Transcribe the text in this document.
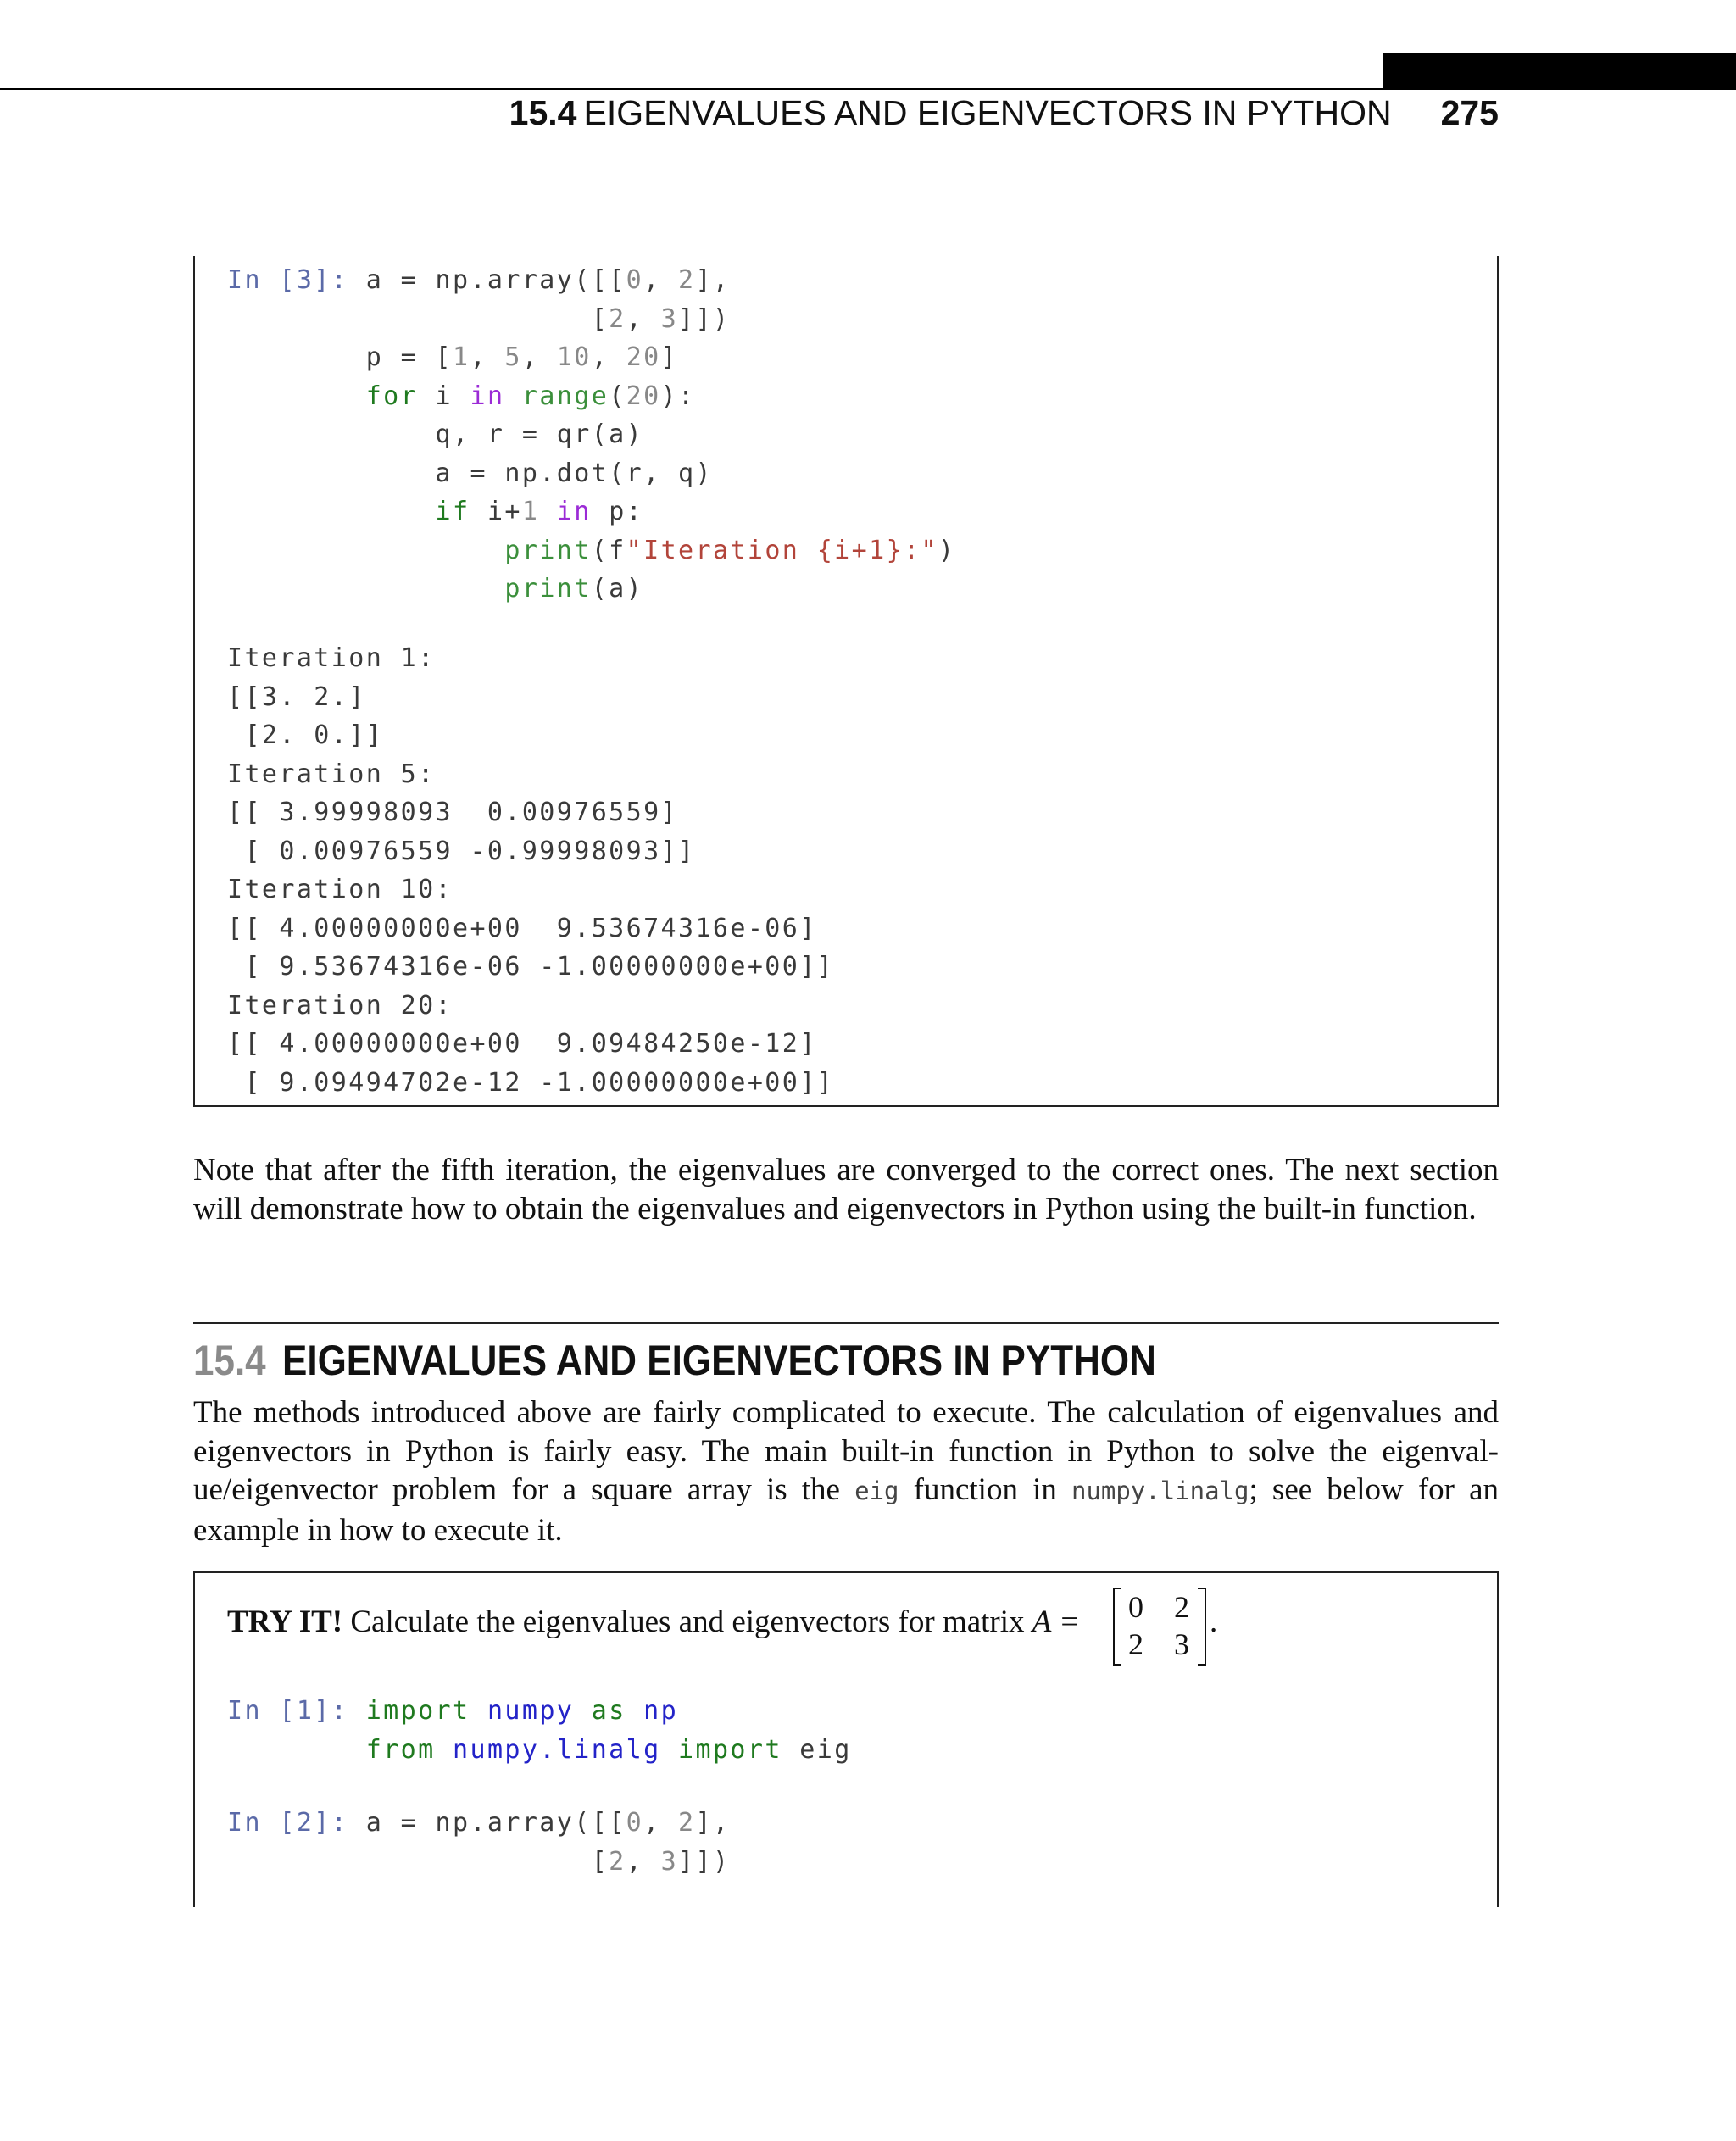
15.4 EIGENVALUES AND EIGENVECTORS IN PYTHON 275
In [3]: a = np.array([[0, 2],
[2, 3]])
p = [1, 5, 10, 20]
for i in range(20):
q, r = qr(a)
a = np.dot(r, q)
if i+1 in p:
print(f"Iteration {i+1}:")
print(a)
Iteration 1:
[[3. 2.]
[2. 0.]]
Iteration 5:
[[ 3.99998093  0.00976559]
[ 0.00976559 -0.99998093]]
Iteration 10:
[[ 4.00000000e+00  9.53674316e-06]
[ 9.53674316e-06 -1.00000000e+00]]
Iteration 20:
[[ 4.00000000e+00  9.09484250e-12]
[ 9.09494702e-12 -1.00000000e+00]]
Note that after the fifth iteration, the eigenvalues are converged to the correct ones. The next section
will demonstrate how to obtain the eigenvalues and eigenvectors in Python using the built-in function.
15.4 EIGENVALUES AND EIGENVECTORS IN PYTHON
The methods introduced above are fairly complicated to execute. The calculation of eigenvalues and
eigenvectors in Python is fairly easy. The main built-in function in Python to solve the eigenval-
ue/eigenvector problem for a square array is the eig function in numpy.linalg; see below for an
example in how to execute it.
TRY IT! Calculate the eigenvalues and eigenvectors for matrix A = 0 2
2 3
.
In [1]: import numpy as np
from numpy.linalg import eig
In [2]: a = np.array([[0, 2],
[2, 3]])
